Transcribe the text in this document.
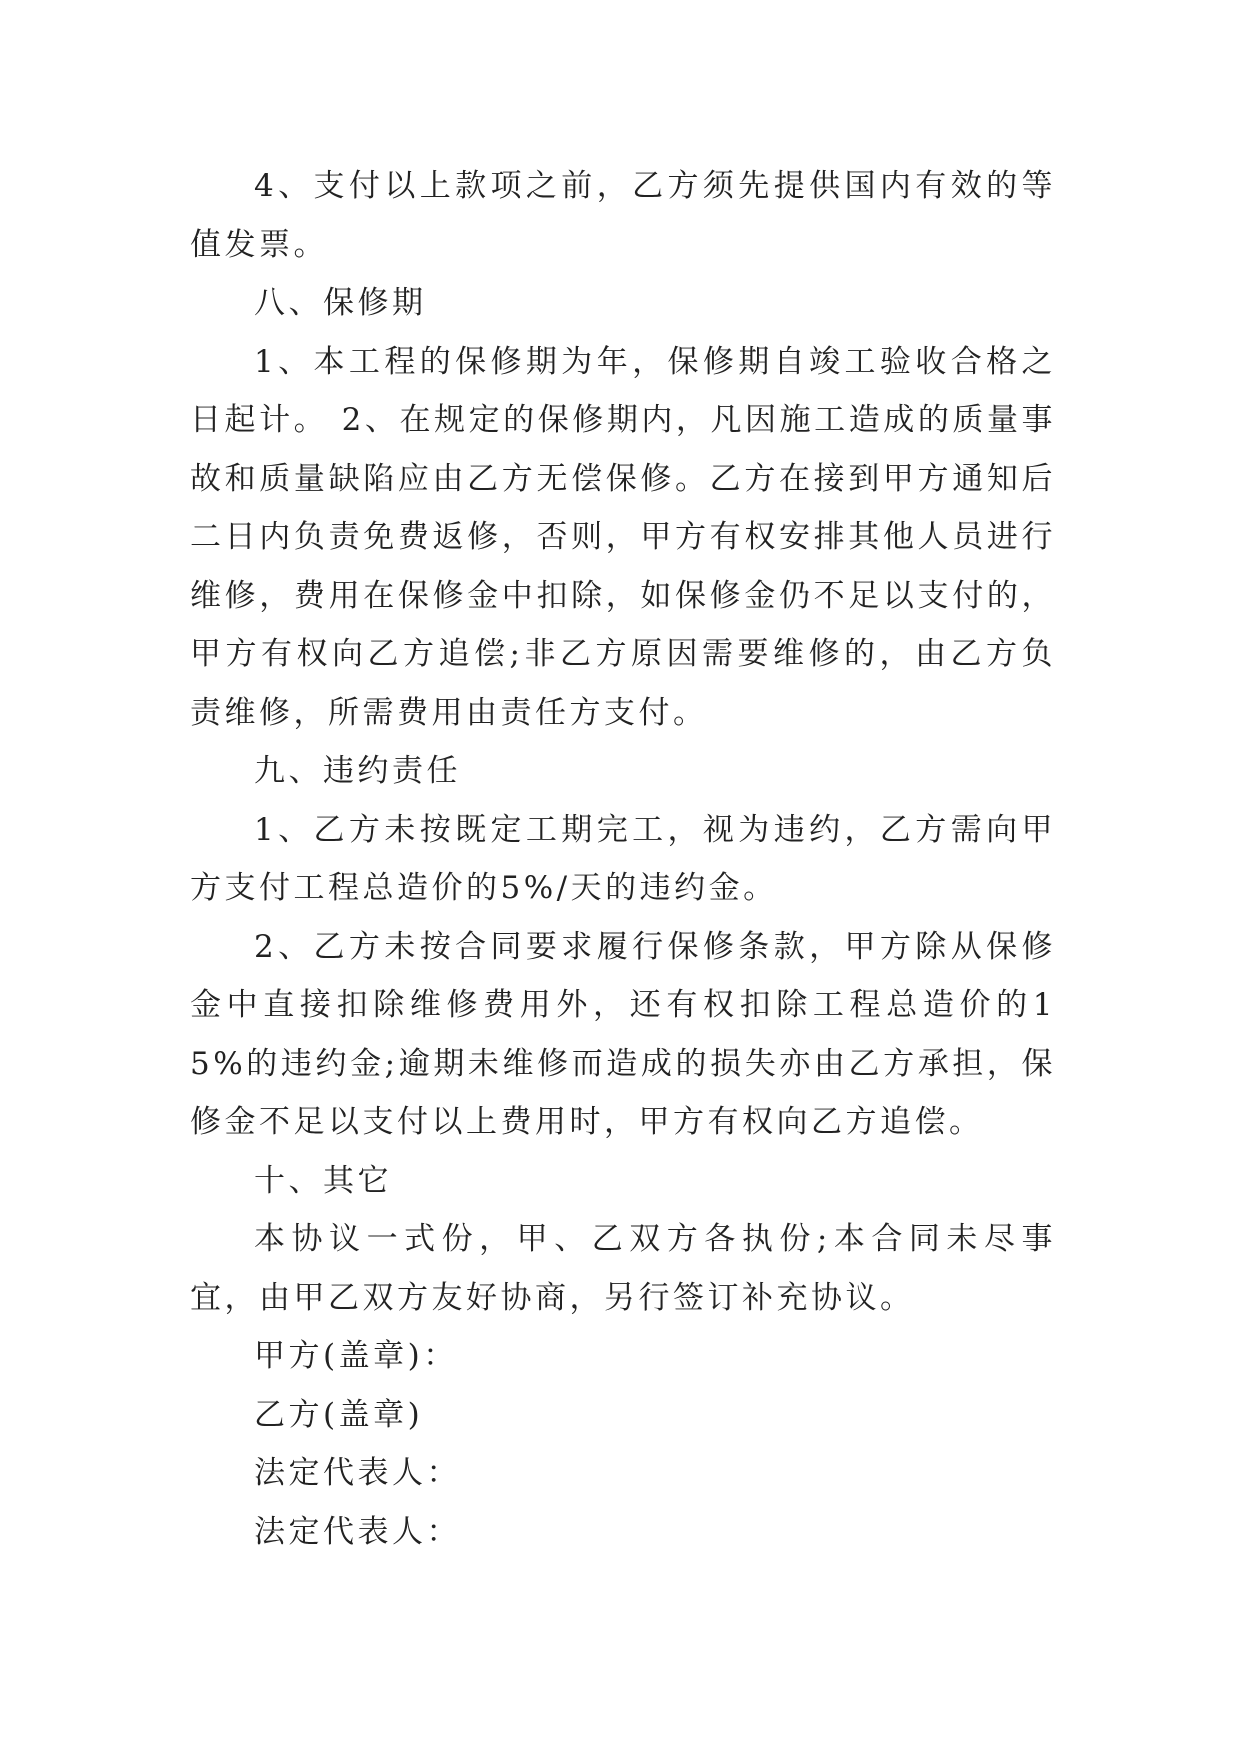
4、支付以上款项之前，乙方须先提供国内有效的等值发票。

八、保修期

1、本工程的保修期为年，保修期自竣工验收合格之日起计。 2、在规定的保修期内，凡因施工造成的质量事故和质量缺陷应由乙方无偿保修。乙方在接到甲方通知后二日内负责免费返修，否则，甲方有权安排其他人员进行维修，费用在保修金中扣除，如保修金仍不足以支付的，甲方有权向乙方追偿;非乙方原因需要维修的，由乙方负责维修，所需费用由责任方支付。

九、违约责任

1、乙方未按既定工期完工，视为违约，乙方需向甲方支付工程总造价的5%/天的违约金。

2、乙方未按合同要求履行保修条款，甲方除从保修金中直接扣除维修费用外，还有权扣除工程总造价的15%的违约金;逾期未维修而造成的损失亦由乙方承担，保修金不足以支付以上费用时，甲方有权向乙方追偿。

十、其它

本协议一式份，甲、乙双方各执份;本合同未尽事宜，由甲乙双方友好协商，另行签订补充协议。

甲方(盖章)：

乙方(盖章)

法定代表人：

法定代表人：
